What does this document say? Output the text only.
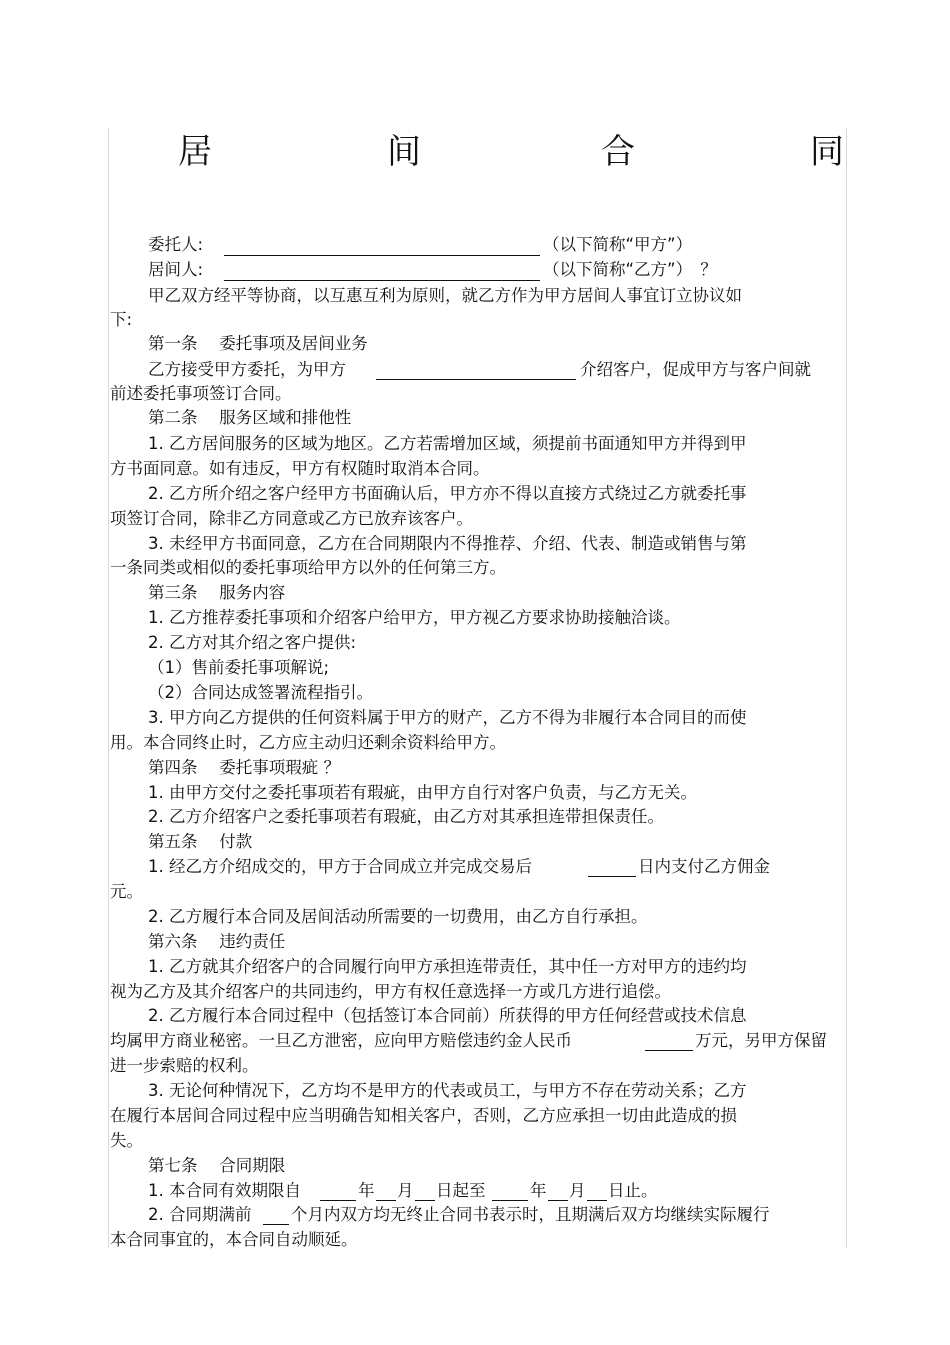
居	间	合	同
委托人:	（以下简称“甲方”）
居间人:	（以下简称“乙方”）　？
甲乙双方经平等协商，以互惠互利为原则，就乙方作为甲方居间人事宜订立协议如
下:
第一条　 委托事项及居间业务
乙方接受甲方委托，为甲方	介绍客户，促成甲方与客户间就
前述委托事项签订合同。
第二条　 服务区域和排他性
1. 乙方居间服务的区域为地区。乙方若需增加区域，须提前书面通知甲方并得到甲
方书面同意。如有违反，甲方有权随时取消本合同。
2. 乙方所介绍之客户经甲方书面确认后，甲方亦不得以直接方式绕过乙方就委托事
项签订合同，除非乙方同意或乙方已放弃该客户。
3. 未经甲方书面同意，乙方在合同期限内不得推荐、介绍、代表、制造或销售与第
一条同类或相似的委托事项给甲方以外的任何第三方。
第三条　 服务内容
1. 乙方推荐委托事项和介绍客户给甲方，甲方视乙方要求协助接触洽谈。
2. 乙方对其介绍之客户提供:
（1）售前委托事项解说;
（2）合同达成签署流程指引。
3. 甲方向乙方提供的任何资料属于甲方的财产，乙方不得为非履行本合同目的而使
用。本合同终止时，乙方应主动归还剩余资料给甲方。
第四条　 委托事项瑕疵 ？
1. 由甲方交付之委托事项若有瑕疵，由甲方自行对客户负责，与乙方无关。
2. 乙方介绍客户之委托事项若有瑕疵，由乙方对其承担连带担保责任。
第五条　 付款
1. 经乙方介绍成交的，甲方于合同成立并完成交易后	日内支付乙方佣金
元。
2. 乙方履行本合同及居间活动所需要的一切费用，由乙方自行承担。
第六条　 违约责任
1. 乙方就其介绍客户的合同履行向甲方承担连带责任，其中任一方对甲方的违约均
视为乙方及其介绍客户的共同违约，甲方有权任意选择一方或几方进行追偿。
2. 乙方履行本合同过程中（包括签订本合同前）所获得的甲方任何经营或技术信息
均属甲方商业秘密。一旦乙方泄密，应向甲方赔偿违约金人民币	万元，另甲方保留
进一步索赔的权利。
3. 无论何种情况下，乙方均不是甲方的代表或员工，与甲方不存在劳动关系；乙方
在履行本居间合同过程中应当明确告知相关客户，否则，乙方应承担一切由此造成的损
失。
第七条　 合同期限
1. 本合同有效期限自	年 月 日起至	年 月 日止。
2. 合同期满前 个月内双方均无终止合同书表示时，且期满后双方均继续实际履行
本合同事宜的，本合同自动顺延。
